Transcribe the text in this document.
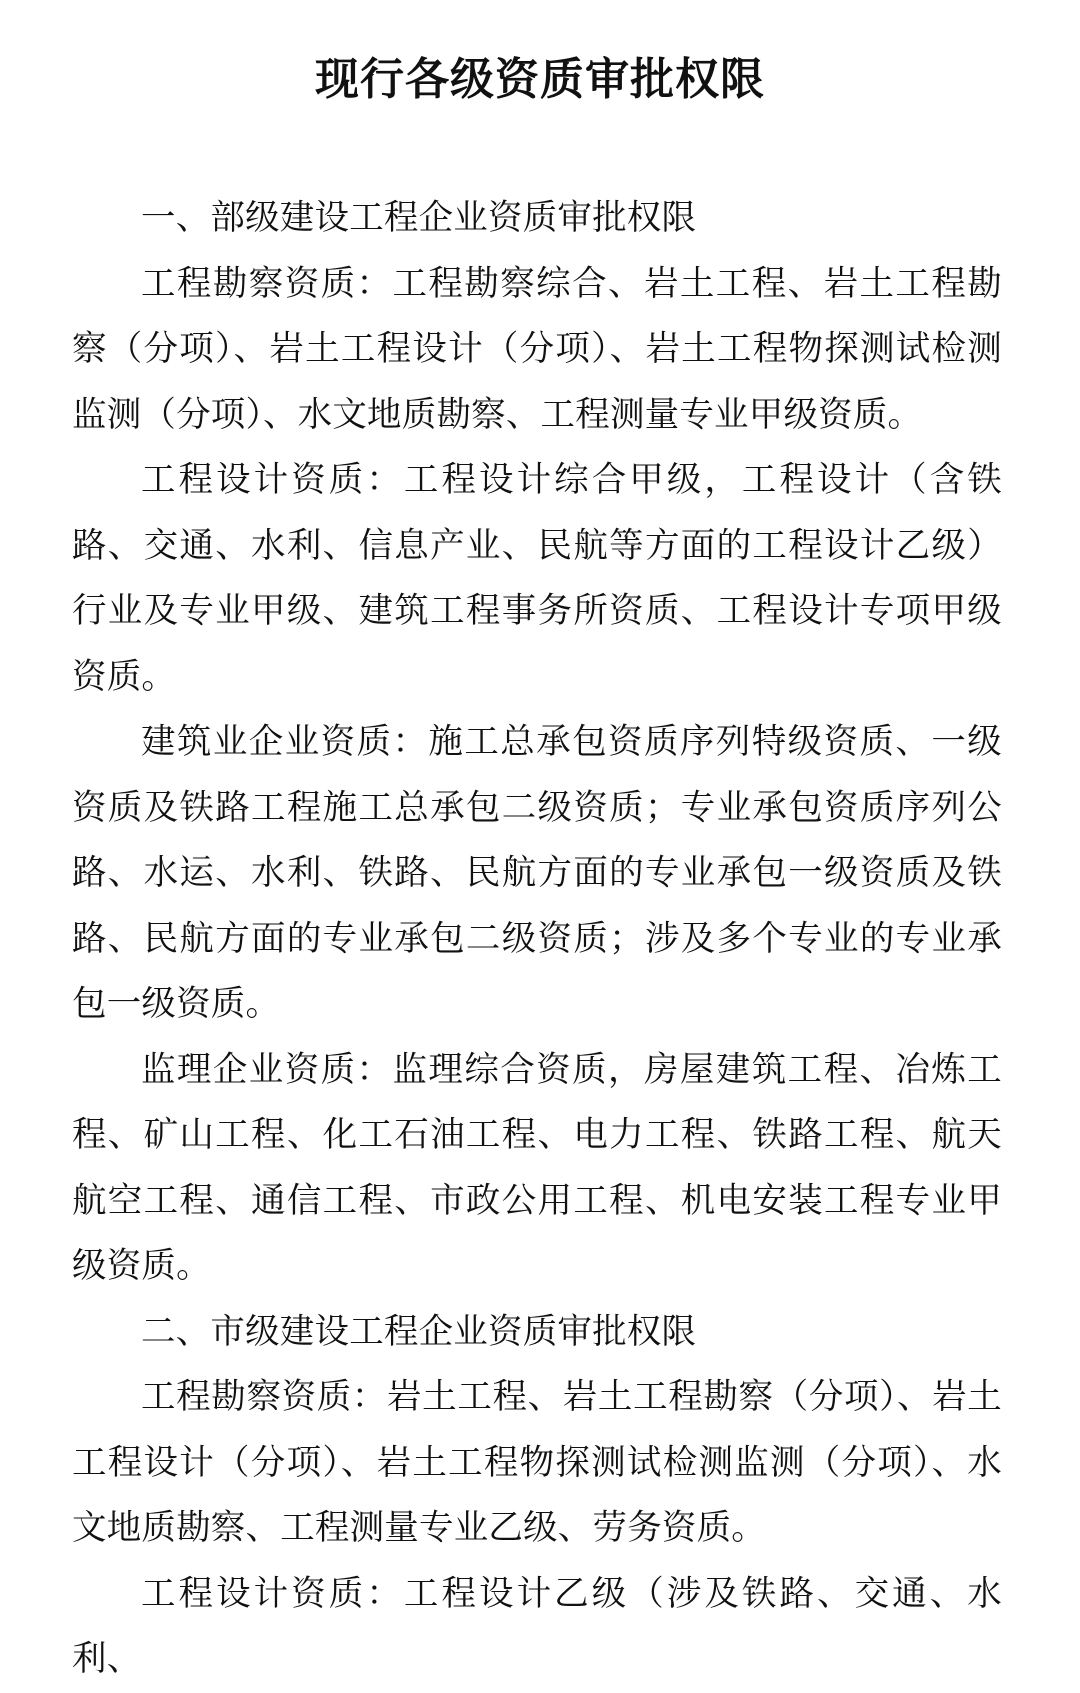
现行各级资质审批权限

一、部级建设工程企业资质审批权限

工程勘察资质：工程勘察综合、岩土工程、岩土工程勘察（分项）、岩土工程设计（分项）、岩土工程物探测试检测监测（分项）、水文地质勘察、工程测量专业甲级资质。

工程设计资质：工程设计综合甲级，工程设计（含铁路、交通、水利、信息产业、民航等方面的工程设计乙级）行业及专业甲级、建筑工程事务所资质、工程设计专项甲级资质。

建筑业企业资质：施工总承包资质序列特级资质、一级资质及铁路工程施工总承包二级资质；专业承包资质序列公路、水运、水利、铁路、民航方面的专业承包一级资质及铁路、民航方面的专业承包二级资质；涉及多个专业的专业承包一级资质。

监理企业资质：监理综合资质，房屋建筑工程、冶炼工程、矿山工程、化工石油工程、电力工程、铁路工程、航天航空工程、通信工程、市政公用工程、机电安装工程专业甲级资质。

二、市级建设工程企业资质审批权限

工程勘察资质：岩土工程、岩土工程勘察（分项）、岩土工程设计（分项）、岩土工程物探测试检测监测（分项）、水文地质勘察、工程测量专业乙级、劳务资质。

工程设计资质：工程设计乙级（涉及铁路、交通、水利、
